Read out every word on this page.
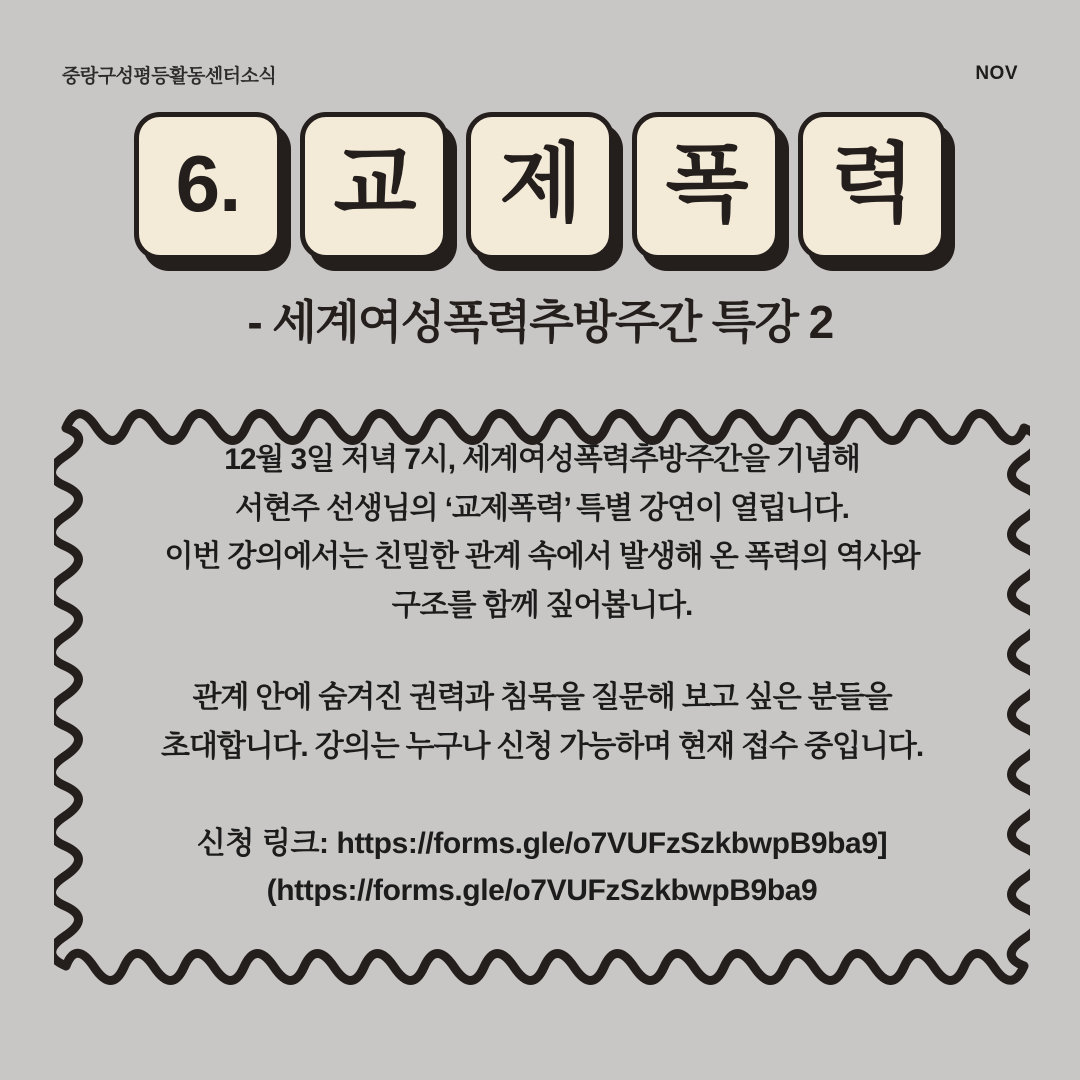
중랑구성평등활동센터소식	NOV
6. 교 제 폭 력
- 세계여성폭력추방주간 특강 2

12월 3일 저녁 7시, 세계여성폭력추방주간을 기념해
서현주 선생님의 ‘교제폭력’ 특별 강연이 열립니다.
이번 강의에서는 친밀한 관계 속에서 발생해 온 폭력의 역사와
구조를 함께 짚어봅니다.

관계 안에 숨겨진 권력과 침묵을 질문해 보고 싶은 분들을
초대합니다. 강의는 누구나 신청 가능하며 현재 접수 중입니다.

신청 링크: https://forms.gle/o7VUFzSzkbwpB9ba9]
(https://forms.gle/o7VUFzSzkbwpB9ba9
